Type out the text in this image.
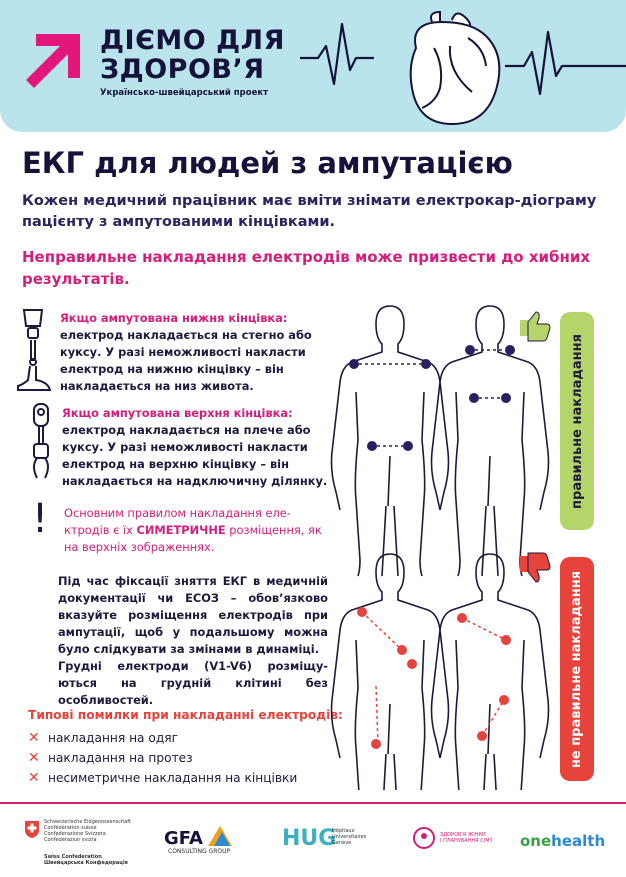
ДІЄМО ДЛЯ
ЗДОРОВ’Я
Українсько-швейцарський проект
ЕКГ для людей з ампутацією
Кожен медичний працівник має вміти знімати електрокар-діограму пацієнту з ампутованими кінцівками.
Неправильне накладання електродів може призвести до хибних результатів.
Якщо ампутована нижня кінцівка:
електрод накладається на стегно або куксу. У разі неможливості накласти електрод на нижню кінцівку – він накладається на низ живота.
Якщо ампутована верхня кінцівка:
електрод накладається на плече або куксу. У разі неможливості накласти електрод на верхню кінцівку – він накладається на надключичну ділянку.
! Основним правилом накладання еле-ктродів є їх СИМЕТРИЧНЕ розміщення, як на верхніх зображеннях.
Під час фіксації зняття ЕКГ в медичній документації чи ЕСОЗ – обов’язково вказуйте розміщення електродів при ампутації, щоб у подальшому можна було слідкувати за змінами в динаміці.
Грудні електроди (V1-V6) розміщу- ються на грудній клітині без особливостей.
Типові помилки при накладанні електродів:
✕ накладання на одяг
✕ накладання на протез
✕ несиметричне накладання на кінцівки
правильне накладання
не правильне накладання
Schweizerische Eidgenossenschaft
Confédération suisse
Confederazione Svizzera
Confederaziun svizra
Swiss Confederation
Швейцарська Конфедерація
GFA
CONSULTING GROUP
HUG
Hôpitaux
Universitaires
Genève
ЗДОРОВ'Я ЖІНКИ
І ПЛАНУВАННЯ СІМ'Ї onehealth
